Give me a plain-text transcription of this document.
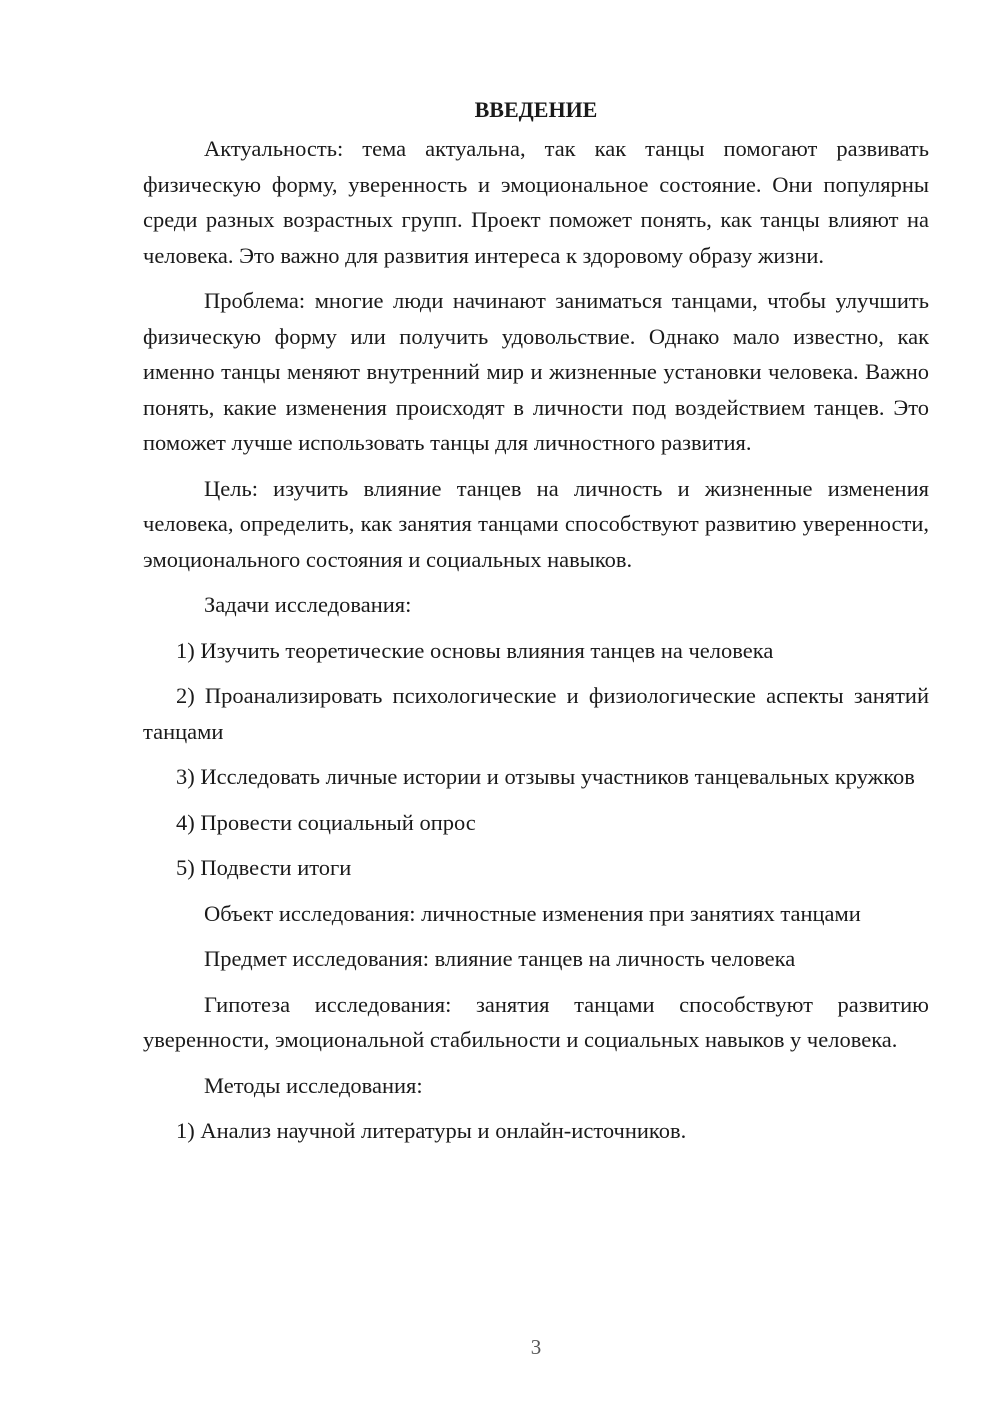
ВВЕДЕНИЕ

Актуальность: тема актуальна, так как танцы помогают развивать физическую форму, уверенность и эмоциональное состояние. Они популярны среди разных возрастных групп. Проект поможет понять, как танцы влияют на человека. Это важно для развития интереса к здоровому образу жизни.

Проблема: многие люди начинают заниматься танцами, чтобы улучшить физическую форму или получить удовольствие. Однако мало известно, как именно танцы меняют внутренний мир и жизненные установки человека. Важно понять, какие изменения происходят в личности под воздействием танцев. Это поможет лучше использовать танцы для личностного развития.

Цель: изучить влияние танцев на личность и жизненные изменения человека, определить, как занятия танцами способствуют развитию уверенности, эмоционального состояния и социальных навыков.

Задачи исследования:

1) Изучить теоретические основы влияния танцев на человека

2) Проанализировать психологические и физиологические аспекты занятий танцами

3) Исследовать личные истории и отзывы участников танцевальных кружков

4) Провести социальный опрос

5) Подвести итоги

Объект исследования: личностные изменения при занятиях танцами

Предмет исследования: влияние танцев на личность человека

Гипотеза исследования: занятия танцами способствуют развитию уверенности, эмоциональной стабильности и социальных навыков у человека.

Методы исследования:

1) Анализ научной литературы и онлайн-источников.

3
